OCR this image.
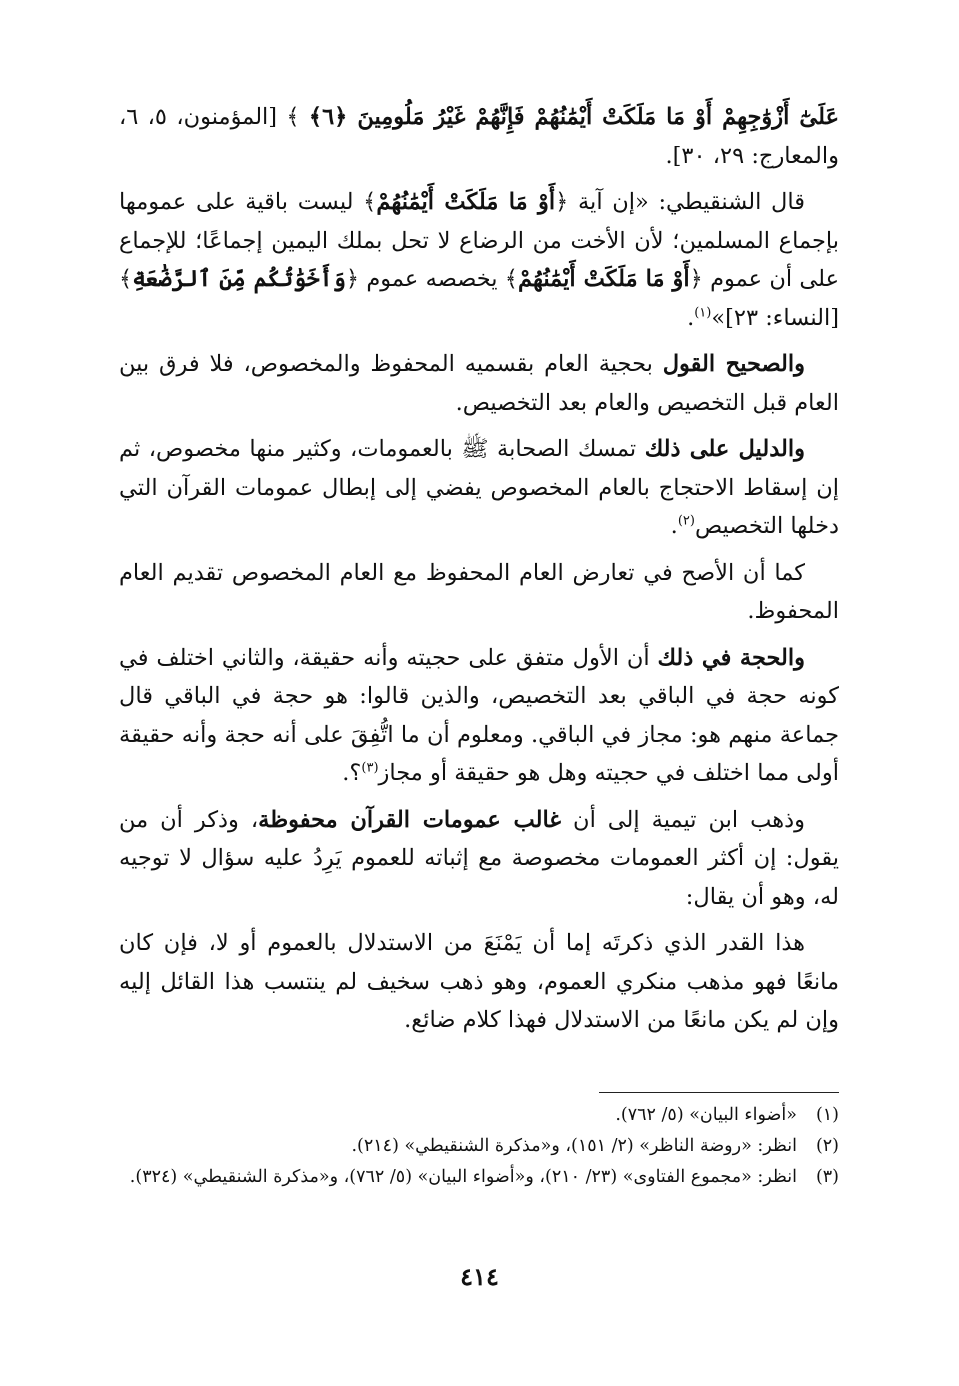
عَلَىٰٓ أَزْوَٰجِهِمْ أَوْ مَا مَلَكَتْ أَيْمَٰنُهُمْ فَإِنَّهُمْ غَيْرُ مَلُومِينَ ﴿٦﴾ ﴾ [المؤمنون، ٥، ٦، والمعارج: ٢٩، ٣٠].

قال الشنقيطي: «إن آية ﴿أَوْ مَا مَلَكَتْ أَيْمَٰنُهُمْ﴾ ليست باقية على عمومها بإجماع المسلمين؛ لأن الأخت من الرضاع لا تحل بملك اليمين إجماعًا؛ للإجماع على أن عموم ﴿أَوْ مَا مَلَكَتْ أَيْمَٰنُهُمْ﴾ يخصصه عموم ﴿وَأَخَوَٰتُكُم مِّنَ ٱلرَّضَٰعَةِ﴾ [النساء: ٢٣]»$^{(١)}$.

والصحيح القول بحجية العام بقسميه المحفوظ والمخصوص، فلا فرق بين العام قبل التخصيص والعام بعد التخصيص.

والدليل على ذلك تمسك الصحابة ﷺ بالعمومات، وكثير منها مخصوص، ثم إن إسقاط الاحتجاج بالعام المخصوص يفضي إلى إبطال عمومات القرآن التي دخلها التخصيص$^{(٢)}$.

كما أن الأصح في تعارض العام المحفوظ مع العام المخصوص تقديم العام المحفوظ.

والحجة في ذلك أن الأول متفق على حجيته وأنه حقيقة، والثاني اختلف في كونه حجة في الباقي بعد التخصيص، والذين قالوا: هو حجة في الباقي قال جماعة منهم هو: مجاز في الباقي. ومعلوم أن ما اتُّفِقَ على أنه حجة وأنه حقيقة أولى مما اختلف في حجيته وهل هو حقيقة أو مجاز$^{(٣)}$؟.

وذهب ابن تيمية إلى أن غالب عمومات القرآن محفوظة، وذكر أن من يقول: إن أكثر العمومات مخصوصة مع إثباته للعموم يَرِدُ عليه سؤال لا توجيه له، وهو أن يقال:

هذا القدر الذي ذكرتَه إما أن يَمْنَعَ من الاستدلال بالعموم أو لا، فإن كان مانعًا فهو مذهب منكري العموم، وهو ذهب سخيف لم ينتسب هذا القائل إليه وإن لم يكن مانعًا من الاستدلال فهذا كلام ضائع.

(١)
«أضواء البيان» (٥/ ٧٦٢).
(٢)
انظر: «روضة الناظر» (٢/ ١٥١)، و«مذكرة الشنقيطي» (٢١٤).
(٣)
انظر: «مجموع الفتاوى» (٢٣/ ٢١٠)، و«أضواء البيان» (٥/ ٧٦٢)، و«مذكرة الشنقيطي» (٣٢٤).
٤١٤
